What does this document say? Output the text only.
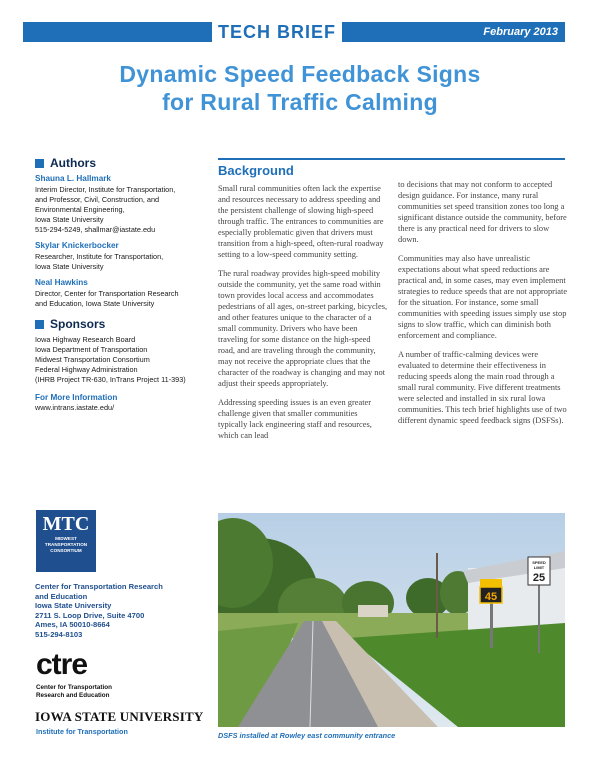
TECH BRIEF	February 2013
Dynamic Speed Feedback Signs
for Rural Traffic Calming
Authors
Shauna L. Hallmark
Interim Director, Institute for Transportation,
and Professor, Civil, Construction, and
Environmental Engineering,
Iowa State University
515-294-5249, shallmar@iastate.edu
Skylar Knickerbocker
Researcher, Institute for Transportation,
Iowa State University
Neal Hawkins
Director, Center for Transportation Research
and Education, Iowa State University
Sponsors
Iowa Highway Research Board
Iowa Department of Transportation
Midwest Transportation Consortium
Federal Highway Administration
(IHRB Project TR-630, InTrans Project 11-393)
For More Information
www.intrans.iastate.edu/
MTC
MIDWEST
TRANSPORTATION
CONSORTIUM
Center for Transportation Research
and Education
Iowa State University
2711 S. Loop Drive, Suite 4700
Ames, IA 50010-8664
515-294-8103
ctre
Center for Transportation
Research and Education
IOWA STATE UNIVERSITY
Institute for Transportation
Background

Small rural communities often lack the expertise and resources necessary to address speeding and the persistent challenge of slowing high-speed through traffic. The entrances to communities are especially problematic given that drivers must transition from a high-speed, often-rural roadway setting to a low-speed community setting.

The rural roadway provides high-speed mobility outside the community, yet the same road within town provides local access and accommodates pedestrians of all ages, on-street parking, bicycles, and other features unique to the character of a small community. Drivers who have been traveling for some distance on the high-speed road, and are traveling through the community, may not receive the appropriate clues that the character of the roadway is changing and may not adjust their speeds appropriately.

Addressing speeding issues is an even greater challenge given that smaller communities typically lack engineering staff and resources, which can lead

to decisions that may not conform to accepted design guidance. For instance, many rural communities set speed transition zones too long a significant distance outside the community, before there is any practical need for drivers to slow down.

Communities may also have unrealistic expectations about what speed reductions are practical and, in some cases, may even implement strategies to reduce speeds that are not appropriate for the situation. For instance, some small communities with speeding issues simply use stop signs to slow traffic, which can diminish both enforcement and compliance.

A number of traffic-calming devices were evaluated to determine their effectiveness in reducing speeds along the main road through a small rural community. Five different treatments were selected and installed in six rural Iowa communities. This tech brief highlights use of two different dynamic speed feedback signs (DSFSs).

45
SPEED
LIMIT
25
DSFS installed at Rowley east community entrance
